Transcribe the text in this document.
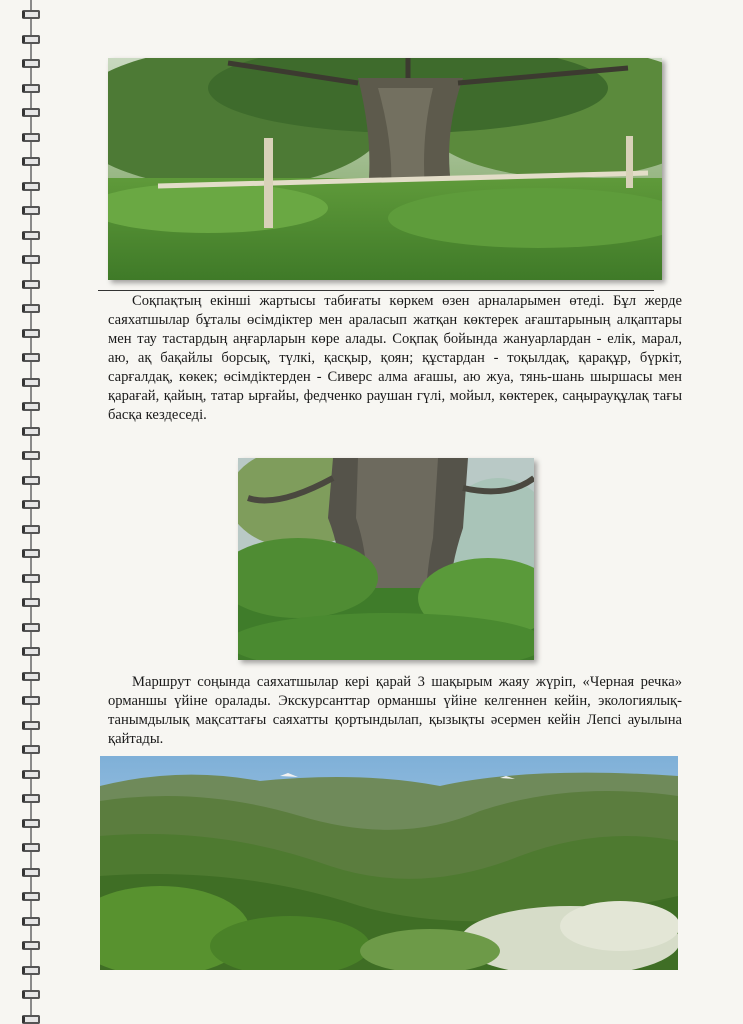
Соқпақтың екінші жартысы табиғаты көркем өзен арналарымен өтеді. Бұл жерде саяхатшылар бұталы өсімдіктер мен араласып жатқан көктерек ағаштарының алқаптары мен тау тастардың аңғарларын көре алады. Соқпақ бойында жануарлардан - елік, марал, аю, ақ бақайлы борсық, түлкі, қасқыр, қоян; құстардан - тоқылдақ, қарақұр, бүркіт, сарғалдақ, көкек; өсімдіктерден - Сиверс алма ағашы, аю жуа, тянь-шань шыршасы мен қарағай, қайың, татар ырғайы, федченко раушан гүлі, мойыл, көктерек, саңырауқұлақ тағы басқа кездеседі.

Маршрут соңында саяхатшылар кері қарай 3 шақырым жаяу жүріп, «Черная речка» орманшы үйіне оралады. Экскурсанттар орманшы үйіне келгеннен кейін, экологиялық-танымдылық мақсаттағы саяхатты қортындылап, қызықты әсермен кейін Лепсі ауылына қайтады.
